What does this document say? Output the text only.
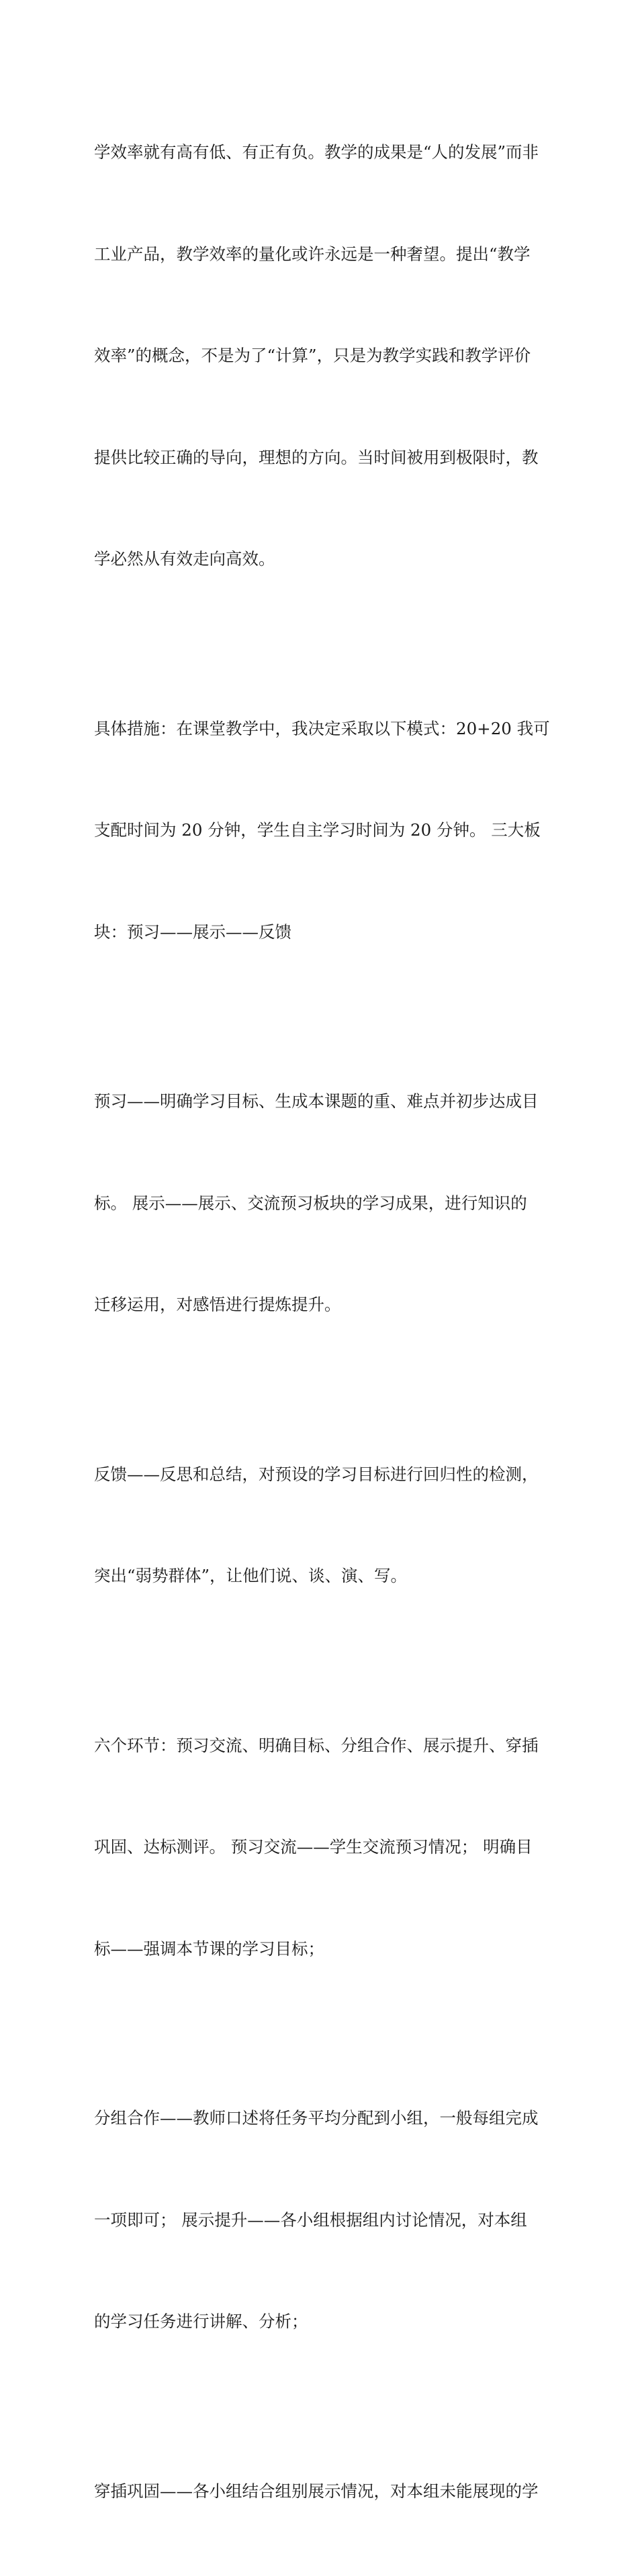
学效率就有高有低、有正有负。教学的成果是“人的发展”而非

工业产品，教学效率的量化或许永远是一种奢望。提出“教学

效率”的概念，不是为了“计算”，只是为教学实践和教学评价

提供比较正确的导向，理想的方向。当时间被用到极限时，教

学必然从有效走向高效。

具体措施：在课堂教学中，我决定采取以下模式：20+20 我可

支配时间为 20 分钟，学生自主学习时间为 20 分钟。 三大板

块：预习——展示——反馈

预习——明确学习目标、生成本课题的重、难点并初步达成目

标。 展示——展示、交流预习板块的学习成果，进行知识的

迁移运用，对感悟进行提炼提升。

反馈——反思和总结，对预设的学习目标进行回归性的检测，

突出“弱势群体”，让他们说、谈、演、写。

六个环节：预习交流、明确目标、分组合作、展示提升、穿插

巩固、达标测评。 预习交流——学生交流预习情况； 明确目

标——强调本节课的学习目标；

分组合作——教师口述将任务平均分配到小组，一般每组完成

一项即可； 展示提升——各小组根据组内讨论情况，对本组

的学习任务进行讲解、分析；

穿插巩固——各小组结合组别展示情况，对本组未能展现的学
